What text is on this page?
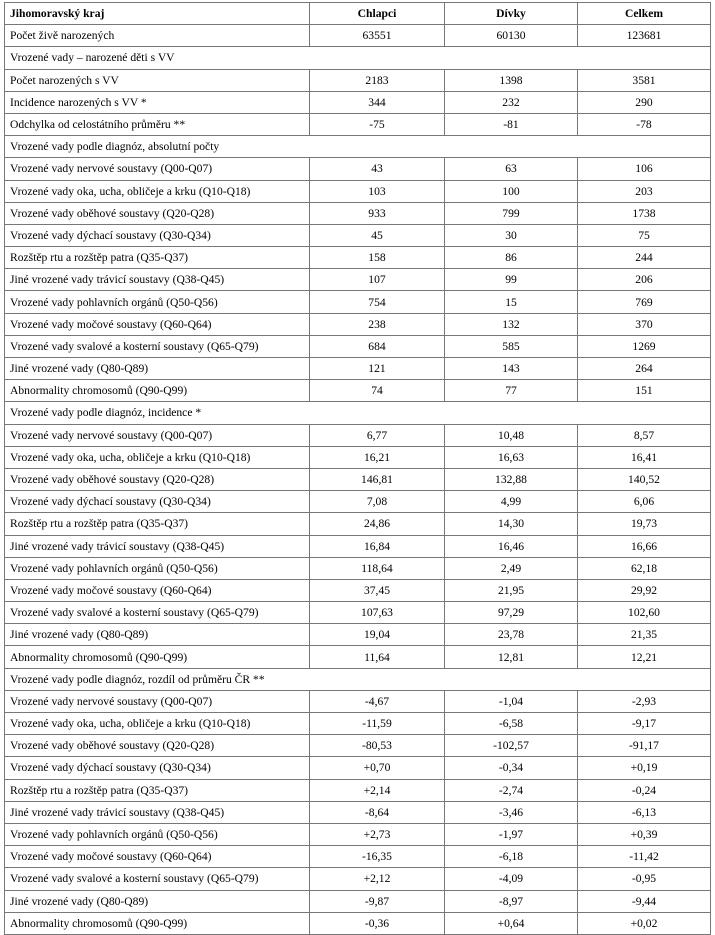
Jihomoravský kraj	Chlapci	Dívky	Celkem
Počet živě narozených	63551	60130	123681
Vrozené vady – narozené děti s VV			
Počet narozených s VV	2183	1398	3581
Incidence narozených s VV *	344	232	290
Odchylka od celostátního průměru **	-75	-81	-78
Vrozené vady podle diagnóz, absolutní počty			
Vrozené vady nervové soustavy (Q00-Q07)	43	63	106
Vrozené vady oka, ucha, obličeje a krku (Q10-Q18)	103	100	203
Vrozené vady oběhové soustavy (Q20-Q28)	933	799	1738
Vrozené vady dýchací soustavy (Q30-Q34)	45	30	75
Rozštěp rtu a rozštěp patra (Q35-Q37)	158	86	244
Jiné vrozené vady trávicí soustavy (Q38-Q45)	107	99	206
Vrozené vady pohlavních orgánů (Q50-Q56)	754	15	769
Vrozené vady močové soustavy (Q60-Q64)	238	132	370
Vrozené vady svalové a kosterní soustavy (Q65-Q79)	684	585	1269
Jiné vrozené vady (Q80-Q89)	121	143	264
Abnormality chromosomů (Q90-Q99)	74	77	151
Vrozené vady podle diagnóz, incidence *			
Vrozené vady nervové soustavy (Q00-Q07)	6,77	10,48	8,57
Vrozené vady oka, ucha, obličeje a krku (Q10-Q18)	16,21	16,63	16,41
Vrozené vady oběhové soustavy (Q20-Q28)	146,81	132,88	140,52
Vrozené vady dýchací soustavy (Q30-Q34)	7,08	4,99	6,06
Rozštěp rtu a rozštěp patra (Q35-Q37)	24,86	14,30	19,73
Jiné vrozené vady trávicí soustavy (Q38-Q45)	16,84	16,46	16,66
Vrozené vady pohlavních orgánů (Q50-Q56)	118,64	2,49	62,18
Vrozené vady močové soustavy (Q60-Q64)	37,45	21,95	29,92
Vrozené vady svalové a kosterní soustavy (Q65-Q79)	107,63	97,29	102,60
Jiné vrozené vady (Q80-Q89)	19,04	23,78	21,35
Abnormality chromosomů (Q90-Q99)	11,64	12,81	12,21
Vrozené vady podle diagnóz, rozdíl od průměru ČR **			
Vrozené vady nervové soustavy (Q00-Q07)	-4,67	-1,04	-2,93
Vrozené vady oka, ucha, obličeje a krku (Q10-Q18)	-11,59	-6,58	-9,17
Vrozené vady oběhové soustavy (Q20-Q28)	-80,53	-102,57	-91,17
Vrozené vady dýchací soustavy (Q30-Q34)	+0,70	-0,34	+0,19
Rozštěp rtu a rozštěp patra (Q35-Q37)	+2,14	-2,74	-0,24
Jiné vrozené vady trávicí soustavy (Q38-Q45)	-8,64	-3,46	-6,13
Vrozené vady pohlavních orgánů (Q50-Q56)	+2,73	-1,97	+0,39
Vrozené vady močové soustavy (Q60-Q64)	-16,35	-6,18	-11,42
Vrozené vady svalové a kosterní soustavy (Q65-Q79)	+2,12	-4,09	-0,95
Jiné vrozené vady (Q80-Q89)	-9,87	-8,97	-9,44
Abnormality chromosomů (Q90-Q99)	-0,36	+0,64	+0,02
